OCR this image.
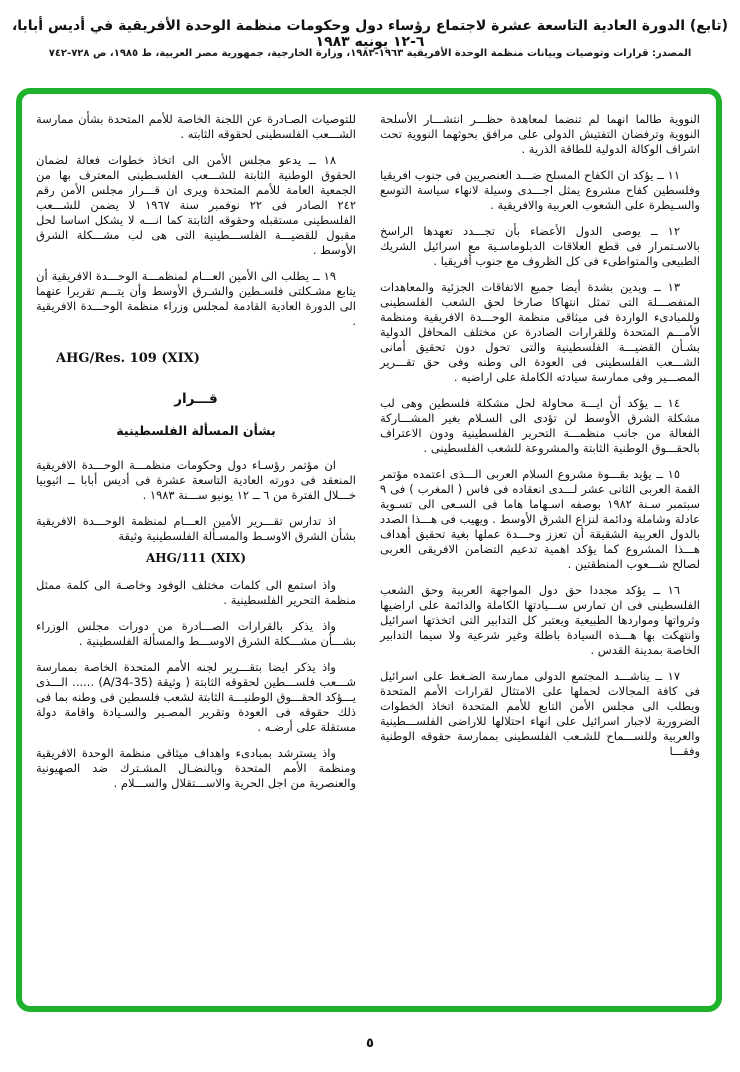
(تابع) الدورة العادية التاسعة عشرة لاجتماع رؤساء دول وحكومات منظمة الوحدة الأفريقية في أديس أبابا، ٦-١٢ يونيه ١٩٨٣
المصدر: قرارات وتوصيات وبيانات منظمة الوحدة الأفريقية ١٩٦٣-١٩٨٣، وزارة الخارجية، جمهورية مصر العربية، ط ١٩٨٥، ص ٧٢٨-٧٤٢

النووية طالما انهما لم تنضما لمعاهدة حظـــر انتشـــار الأسلحة النووية وترفضان التفتيش الدولى على مرافق بحوثهما النووية تحت اشراف الوكالة الدولية للطاقة الذرية .

١١ ــ يؤكد ان الكفاح المسلح ضـــد العنصريين فى جنوب افريقيا وفلسطين كفاح مشروع يمثل اجـــدى وسيلة لانهاء سياسة التوسع والسـيطرة على الشعوب العربية والافريقية .

١٢ ــ يوصى الدول الأعضاء بأن تجـــدد تعهدها الراسخ بالاسـتمرار فى قطع العلاقات الدبلوماسـية مع اسرائيل الشريك الطبيعى والمتواطىء فى كل الظروف مع جنوب أفريقيا .

١٣ ــ ويدين بشدة أيضا جميع الاتفاقات الجزئية والمعاهدات المنفصـــلة التى تمثل انتهاكا صارخا لحق الشعب الفلسطينى وللمبادىء الواردة فى ميثاقى منظمة الوحـــدة الافريقية ومنظمة الأمـــم المتحدة وللقرارات الصادرة عن مختلف المحافل الدولية بشـأن القضيـــة الفلسطينية والتى تحول دون تحقيق أمانى الشـــعب الفلسطينى فى العودة الى وطنه وفى حق تقـــرير المصـــير وفى ممارسة سيادته الكاملة على اراضيه .

١٤ ــ يؤكد أن ايـــة محاولة لحل مشكلة فلسطين وهى لب مشكلة الشرق الأوسط لن تؤدى الى السـلام بغير المشـــاركة الفعالة من جانب منظمـــة التحرير الفلسطينية ودون الاعتراف بالحقـــوق الوطنية الثابتة والمشروعة للشعب الفلسطينى .

١٥ ــ يؤيد بقـــوة مشروع السلام العربى الـــذى اعتمده مؤتمر القمة العربى الثانى عشر لـــدى انعقاده فى فاس ( المغرب ) فى ٩ سبتمبر سـنة ١٩٨٢ بوصفه اسـهاما هاما فى السـعى الى تسـوية عادلة وشاملة ودائمة لنزاع الشرق الأوسط . ويهيب فى هـــذا الصدد بالدول العربية الشقيقة أن تعزز وحـــدة عملها بغية تحقيق أهداف هـــذا المشروع كما يؤكد اهمية تدعيم التضامن الافريقى العربى لصالح شـــعوب المنطقتين .

١٦ ــ يؤكد مجددا حق دول المواجهة العربية وحق الشعب الفلسطينى فى ان تمارس ســـيادتها الكاملة والدائمة على اراضيها وثرواتها ومواردها الطبيعية ويعتبر كل التدابير التى اتخذتها اسرائيل وانتهكت بها هـــذه السيادة باطلة وغير شرعية ولا سيما التدابير الخاصة بمدينة القدس .

١٧ ــ يناشـــد المجتمع الدولى ممارسة الضـغط على اسرائيل فى كافة المجالات لحملها على الامتثال لقرارات الأمم المتحدة ويطلب الى مجلس الأمن التابع للأمم المتحدة اتخاذ الخطوات الضرورية لاجبار اسرائيل على انهاء احتلالها للاراضى الفلســـطينية والعربية وللســـماح للشـعب الفلسطينى بممارسة حقوقه الوطنية وفقـــا

للتوصيات الصـادرة عن اللجنة الخاصة للأمم المتحدة بشأن ممارسة الشـــعب الفلسطينى لحقوقه الثابته .

١٨ ــ يدعو مجلس الأمن الى اتخاذ خطوات فعالة لضمان الحقوق الوطنية الثابتة للشـــعب الفلسـطينى المعترف بها من الجمعية العامة للأمم المتحدة ويرى ان قـــرار مجلس الأمن رقم ٢٤٢ الصادر فى ٢٢ نوفمبر سنة ١٩٦٧ لا يضمن للشـــعب الفلسطينى مستقبله وحقوقه الثابتة كما انـــه لا يشكل اساسا لحل مقبول للقضيـــة الفلســـطينية التى هى لب مشـــكلة الشرق الأوسط .

١٩ ــ يطلب الى الأمين العـــام لمنظمـــة الوحـــدة الافريقية أن يتابع مشـكلتى فلسـطين والشـرق الأوسط وأن يتـــم تقريرا عنهما الى الدورة العادية القادمة لمجلس وزراء منظمة الوحـــدة الافريقية .

AHG/Res. 109 (XIX)
قـــرار
بشأن المسألة الفلسطينية

ان مؤتمر رؤسـاء دول وحكومات منظمـــة الوحـــدة الافريقية المنعقد فى دورته العادية التاسعة عشرة فى أديس أبابا ــ اثيوبيا خـــلال الفترة من ٦ ــ ١٢ يونيو ســـنة ١٩٨٣ .

اذ تدارس تقـــرير الأمين العـــام لمنظمة الوحـــدة الافريقية بشأن الشرق الاوسـط والمسـألة الفلسطينية وثيقة

AHG/111 (XIX)

واذ استمع الى كلمات مختلف الوفود وخاصـة الى كلمة ممثل منظمة التحرير الفلسطينية .

واذ يذكر بالقرارات الصـــادرة من دورات مجلس الوزراء بشـــأن مشـــكلة الشرق الاوســـط والمسألة الفلسطينية .

واذ يذكر ايضا بتقـــرير لجنه الأمم المتحدة الخاصة بممارسة شـــعب فلســـطين لحقوقه الثابتة ( وثيقة (A/34-35) ...... الـــذى يـــؤكد الحقـــوق الوطنيـــة الثابتة لشعب فلسطين فى وطنه بما فى ذلك حقوقه فى العودة وتقرير المصـير والسـيادة واقامة دولة مستقلة على أرضـه .

واذ يسترشد بمبادىء واهداف ميثاقى منظمة الوحدة الافريقية ومنظمة الأمم المتحدة وبالنضـال المشـترك ضد الصهيونية والعنصرية من اجل الحرية والاســـتقلال والســـلام .

٥
